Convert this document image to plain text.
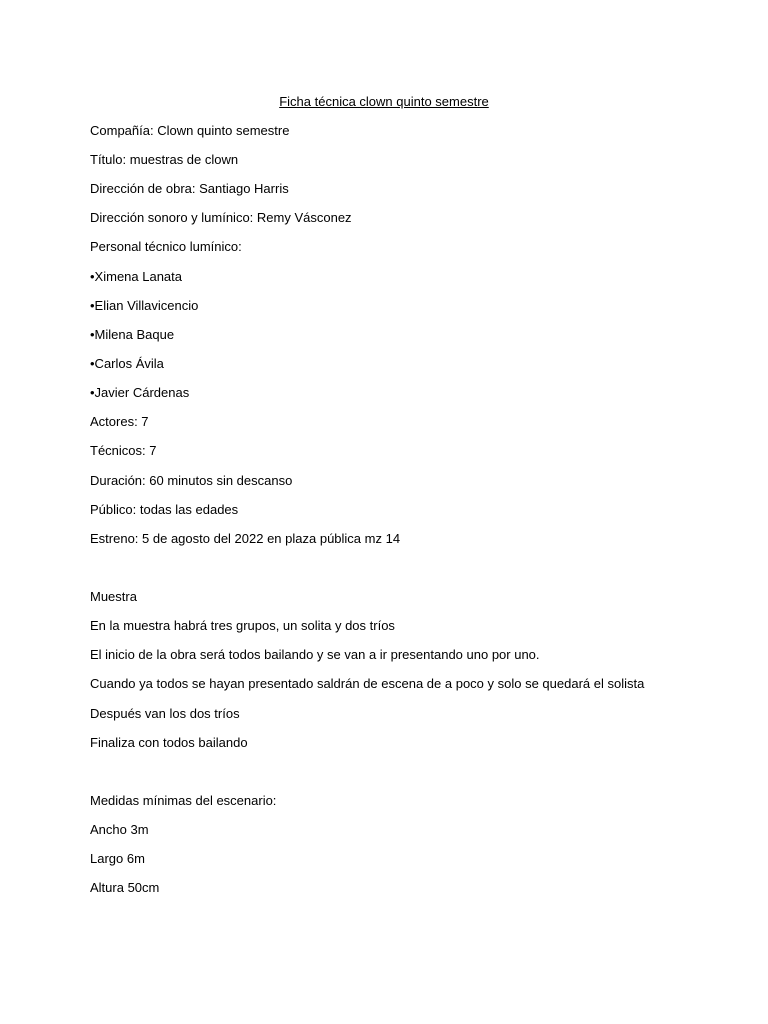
Ficha técnica clown quinto semestre
Compañía: Clown quinto semestre
Título: muestras de clown
Dirección de obra: Santiago Harris
Dirección sonoro y lumínico: Remy Vásconez
Personal técnico lumínico:
•Ximena Lanata
•Elian Villavicencio
•Milena Baque
•Carlos Ávila
•Javier Cárdenas
Actores: 7
Técnicos: 7
Duración: 60 minutos sin descanso
Público: todas las edades
Estreno: 5 de agosto del 2022 en plaza pública mz 14
Muestra
En la muestra habrá tres grupos, un solita y dos tríos
El inicio de la obra será todos bailando y se van a ir presentando uno por uno.
Cuando ya todos se hayan presentado saldrán de escena de a poco y solo se quedará el solista
Después van los dos tríos
Finaliza con todos bailando
Medidas mínimas del escenario:
Ancho 3m
Largo 6m
Altura 50cm
